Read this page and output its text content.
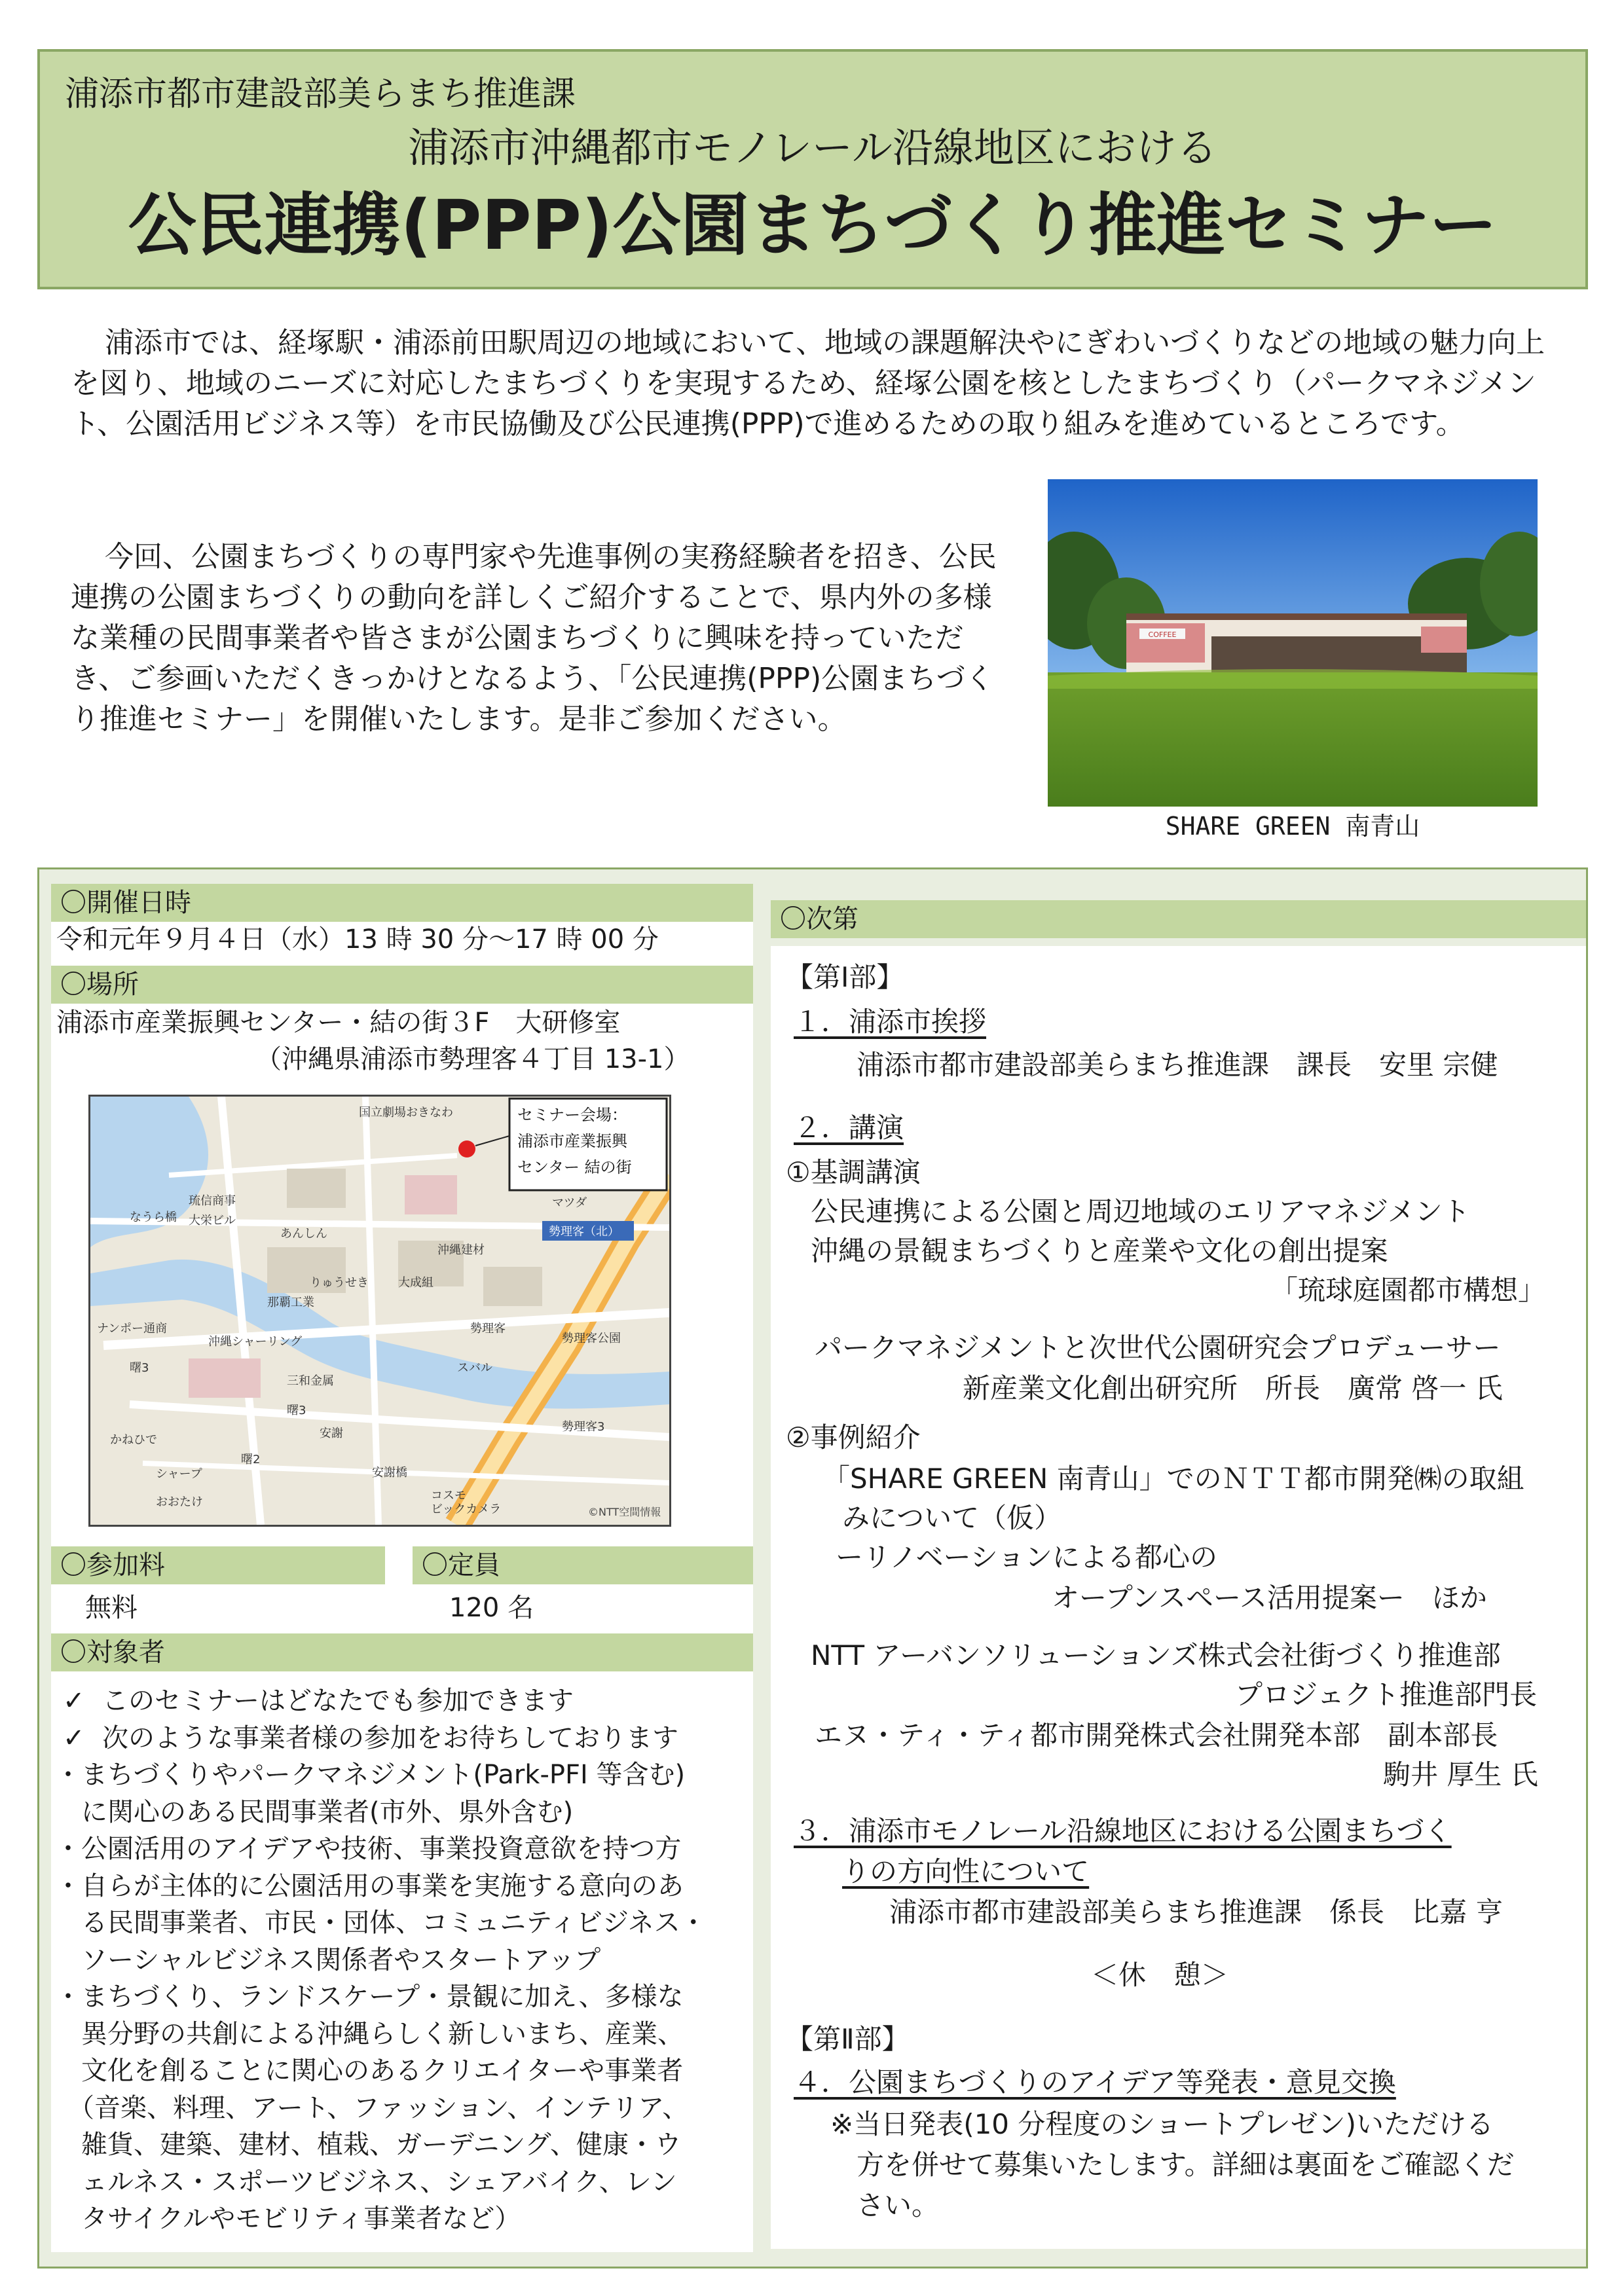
浦添市都市建設部美らまち推進課
浦添市沖縄都市モノレール沿線地区における
公民連携(PPP)公園まちづくり推進セミナー

浦添市では、経塚駅・浦添前田駅周辺の地域において、地域の課題解決やにぎわいづくりなどの地域の魅力向上を図り、地域のニーズに対応したまちづくりを実現するため、経塚公園を核としたまちづくり（パークマネジメント、公園活用ビジネス等）を市民協働及び公民連携(PPP)で進めるための取り組みを進めているところです。

今回、公園まちづくりの専門家や先進事例の実務経験者を招き、公民連携の公園まちづくりの動向を詳しくご紹介することで、県内外の多様な業種の民間事業者や皆さまが公園まちづくりに興味を持っていただき、ご参画いただくきっかけとなるよう、「公民連携(PPP)公園まちづくり推進セミナー」を開催いたします。是非ご参加ください。

COFFEE
SHARE GREEN 南青山
〇開催日時
令和元年９月４日（水）13 時 30 分～17 時 00 分
〇場所
浦添市産業振興センター・結の街３F　大研修室
（沖縄県浦添市勢理客４丁目 13-1）
セミナー会場：
浦添市産業振興
センター 結の街
国立劇場おきなわ
マツダ
琉信商事
大栄ビル
あんしん
沖縄建材
りゅうせき	大成組
ナンポー通商
なうら橋
三和金属
勢理客
勢理客公園
スバル
曙3
曙3
曙2
安謝
安謝橋
かねひで
シャープ
おおたけ
勢理客3
コスモ
ビックカメラ
沖縄シャーリング
那覇工業
勢理客（北）
©NTT空間情報
〇参加料	〇定員
無料	120 名
〇対象者
✓ このセミナーはどなたでも参加できます
✓ 次のような事業者様の参加をお待ちしております
・まちづくりやパークマネジメント(Park-PFI 等含む)
　に関心のある民間事業者(市外、県外含む)
・公園活用のアイデアや技術、事業投資意欲を持つ方
・自らが主体的に公園活用の事業を実施する意向のあ
　る民間事業者、市民・団体、コミュニティビジネス・
　ソーシャルビジネス関係者やスタートアップ
・まちづくり、ランドスケープ・景観に加え、多様な
　異分野の共創による沖縄らしく新しいまち、産業、
　文化を創ることに関心のあるクリエイターや事業者
　（音楽、料理、アート、ファッション、インテリア、
　雑貨、建築、建材、植栽、ガーデニング、健康・ウ
　ェルネス・スポーツビジネス、シェアバイク、レン
　タサイクルやモビリティ事業者など）
〇次第
【第Ⅰ部】
１．浦添市挨拶
浦添市都市建設部美らまち推進課　課長　安里 宗健
２．講演
①基調講演
公民連携による公園と周辺地域のエリアマネジメント
沖縄の景観まちづくりと産業や文化の創出提案
「琉球庭園都市構想」
パークマネジメントと次世代公園研究会プロデューサー
新産業文化創出研究所　所長　廣常 啓一 氏
②事例紹介
「SHARE GREEN 南青山」でのＮＴＴ都市開発㈱の取組
みについて（仮）
ーリノベーションによる都心の
オープンスペース活用提案ー　ほか
NTT アーバンソリューションズ株式会社街づくり推進部
プロジェクト推進部門長
エヌ・ティ・ティ都市開発株式会社開発本部　副本部長
駒井 厚生 氏
３．浦添市モノレール沿線地区における公園まちづく
りの方向性について
浦添市都市建設部美らまち推進課　係長　比嘉 亨
＜休　憩＞
【第Ⅱ部】
４．公園まちづくりのアイデア等発表・意見交換
※当日発表(10 分程度のショートプレゼン)いただける
方を併せて募集いたします。詳細は裏面をご確認くだ
さい。
